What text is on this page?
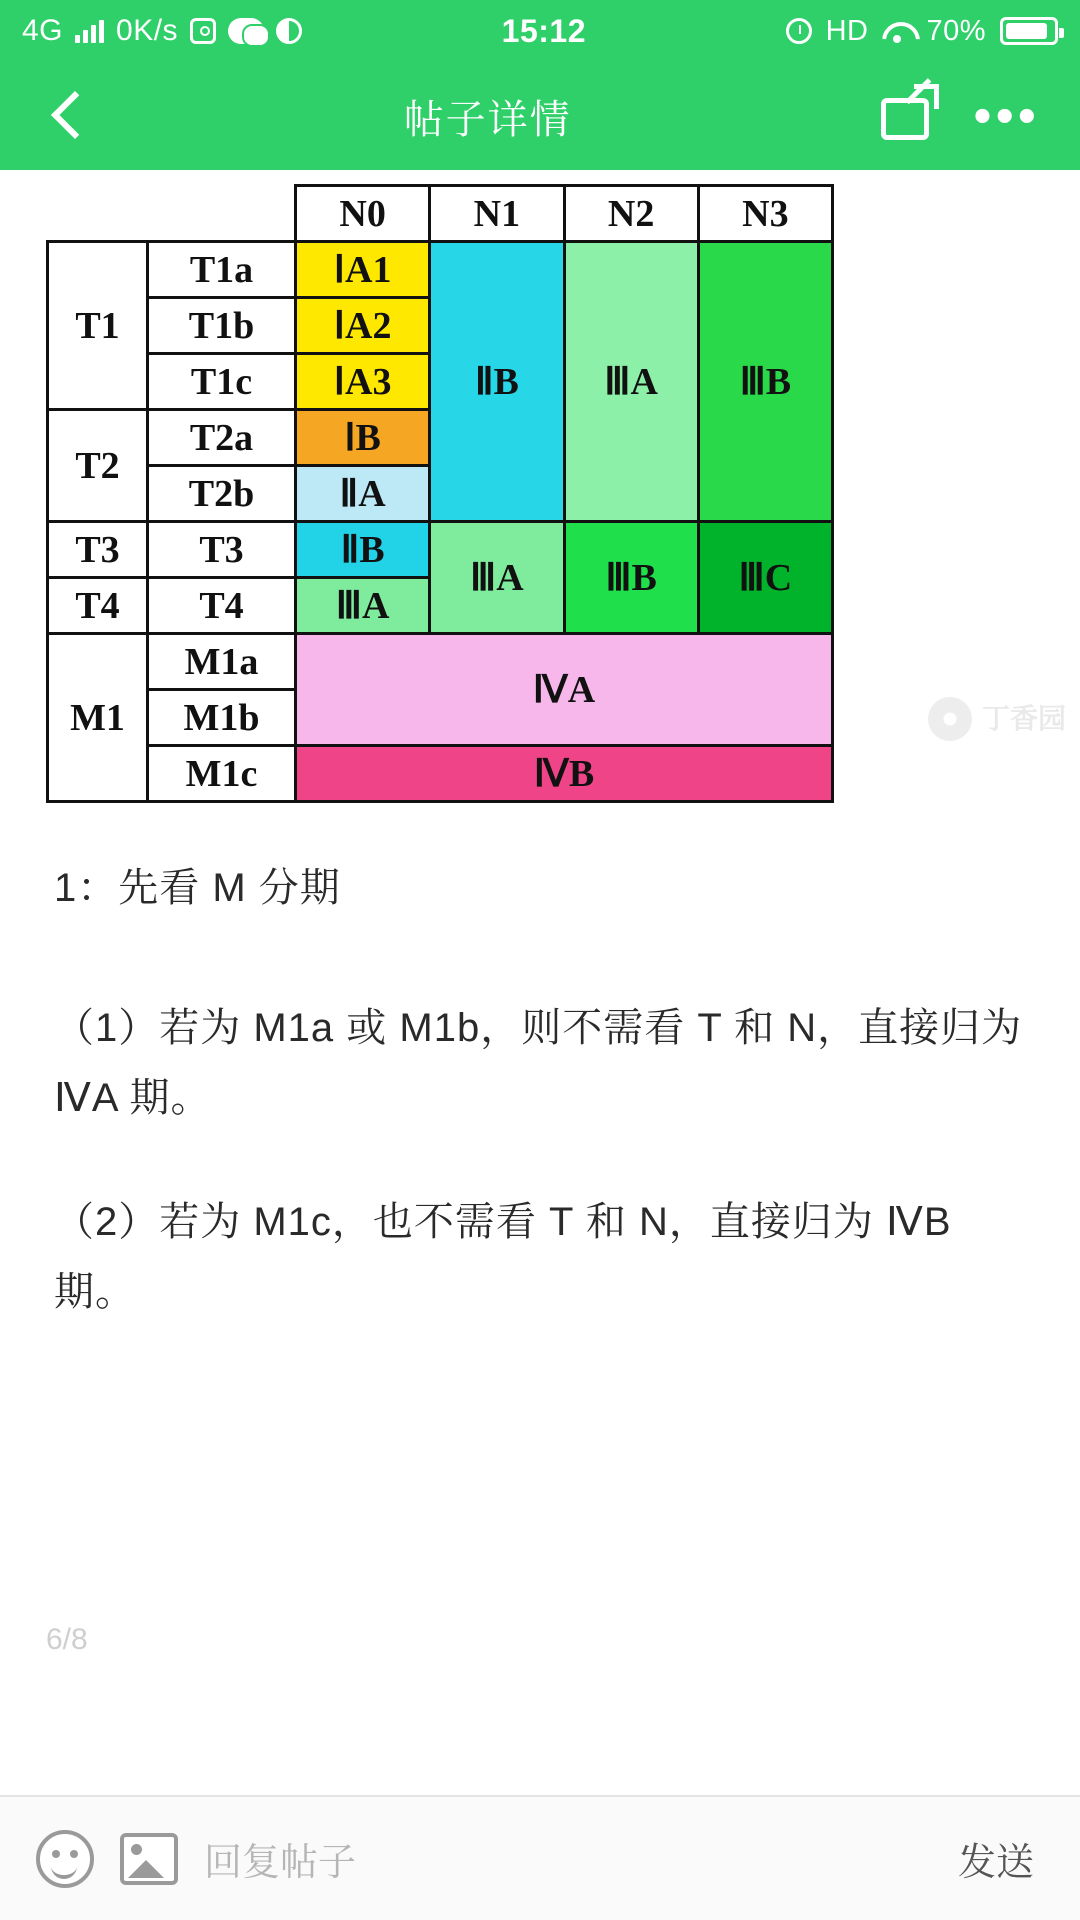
4G 0K/s	15:12	HD 70%
帖子详情	•••
		N0	N1	N2	N3
T1	T1a	ⅠA1	ⅡB	ⅢA	ⅢB
	T1b	ⅠA2			
	T1c	ⅠA3			
T2	T2a	ⅠB			
	T2b	ⅡA			
T3	T3	ⅡB	ⅢA	ⅢB	ⅢC
T4	T4	ⅢA			
M1	M1a	ⅣA			
	M1b				
	M1c	ⅣB			
丁香园
1：先看 M 分期
（1）若为 M1a 或 M1b，则不需看 T 和 N，直接归为 ⅣA 期。
（2）若为 M1c，也不需看 T 和 N，直接归为 ⅣB 期。
6/8
回复帖子	发送
